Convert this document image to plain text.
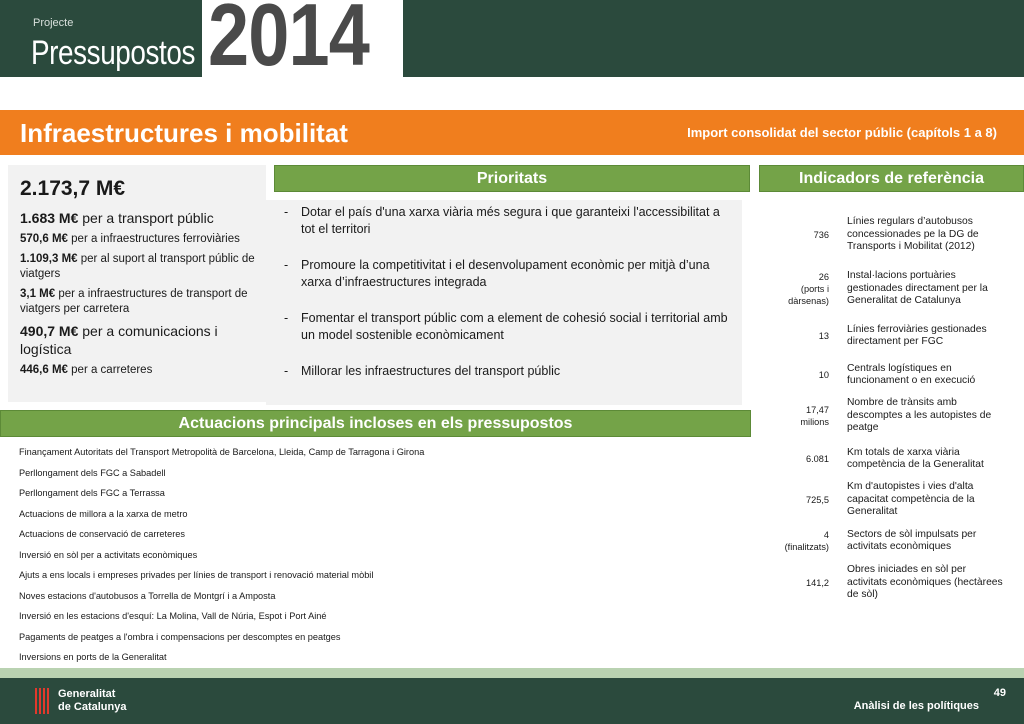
Projecte
Pressupostos 2014
Infraestructures i mobilitat	Import consolidat del sector públic (capítols 1 a 8)
2.173,7 M€
1.683 M€ per a transport públic
570,6 M€ per a infraestructures ferroviàries
1.109,3 M€ per al suport al transport públic de viatgers
3,1 M€ per a infraestructures de transport de viatgers per carretera
490,7 M€ per a comunicacions i logística
446,6 M€ per a carreteres
Prioritats	Indicadors de referència
Actuacions principals incloses en els pressupostos
- Dotar el país d'una xarxa viària més segura i que garanteixi l'accessibilitat a tot el territori
- Promoure la competitivitat i el desenvolupament econòmic per mitjà d’una xarxa d’infraestructures integrada
- Fomentar el transport públic com a element de cohesió social i territorial amb un model sostenible econòmicament
- Millorar les infraestructures del transport públic
Finançament Autoritats del Transport Metropolità de Barcelona, Lleida, Camp de Tarragona i Girona
Perllongament dels FGC a Sabadell
Perllongament dels FGC a Terrassa
Actuacions de millora a la xarxa de metro
Actuacions de conservació de carreteres
Inversió en sòl per a activitats econòmiques
Ajuts a ens locals i empreses privades per línies de transport i renovació material mòbil
Noves estacions d'autobusos a Torrella de Montgrí i a Amposta
Inversió en les estacions d'esquí: La Molina, Vall de Núria, Espot i Port Ainé
Pagaments de peatges a l'ombra i compensacions per descomptes en peatges
Inversions en ports de la Generalitat
736
Línies regulars d’autobusos concessionades pe la DG de Transports i Mobilitat (2012)
26
(ports i
dàrsenas)
Instal·lacions portuàries gestionades directament per la Generalitat de Catalunya
13
Línies ferroviàries gestionades directament per FGC
10
Centrals logístiques en funcionament o en execució
17,47
milions
Nombre de trànsits amb descomptes a les autopistes de peatge
6.081
Km totals de xarxa viària competència de la Generalitat
725,5
Km d'autopistes i vies d'alta capacitat competència de la Generalitat
4
(finalitzats)
Sectors de sòl impulsats per activitats econòmiques
141,2
Obres iniciades en sòl per activitats econòmiques (hectàrees de sòl)
Generalitat
de Catalunya
49
Anàlisi de les polítiques
